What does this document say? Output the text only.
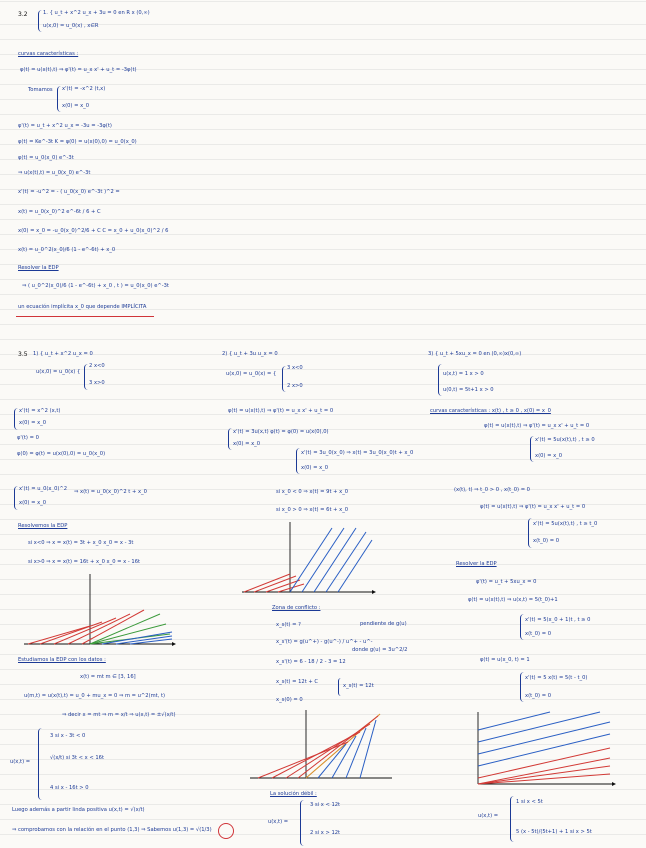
3.2	1. { u_t + x^2 u_x + 3u = 0 en R x (0,∞)
u(x,0) = u_0(x) , x∈R
curvas características :
φ(t) = u(x(t),t) ⇒ φ'(t) = u_x x' + u_t = -3φ(t)
Tomamos x'(t) = -x^2 (t,x)
x(0) = x_0
φ'(t) = u_t + x^2 u_x = -3u = -3φ(t)
φ(t) = Ke^-3t K = φ(0) = u(x(0),0) = u_0(x_0)
φ(t) = u_0(x_0) e^-3t
⇒ u(x(t),t) = u_0(x_0) e^-3t
x'(t) = -u^2 = - ( u_0(x_0) e^-3t )^2 =
x(t) = u_0(x_0)^2 e^-6t / 6 + C
x(0) = x_0 = -u_0(x_0)^2/6 + C C = x_0 + u_0(x_0)^2 / 6
x(t) = u_0^2(x_0)/6 (1 - e^-6t) + x_0
Resolver la EDP
⇒ ( u_0^2(x_0)/6 (1 - e^-6t) + x_0 , t ) = u_0(x_0) e^-3t
un ecuación implícita x_0 que depende IMPLÍCITA
3.5 1) { u_t + x^2 u_x = 0
u(x,0) = u_0(x) {
2 x<0
3 x>0
x'(t) = x^2 (x,t)
x(0) = x_0
φ'(t) = 0
φ(0) = φ(t) = u(x(0),0) = u_0(x_0)
x'(t) = u_0(x_0)^2
x(0) = x_0
⇒ x(t) = u_0(x_0)^2 t + x_0
Resolvemos la EDP
si x<0 ⇒ x = x(t) = 3t + x_0 x_0 = x - 3t
si x>0 ⇒ x = x(t) = 16t + x_0 x_0 = x - 16t
Estudiamos la EDP con los datos :
x(t) = mt m ∈ [3, 16]
u(m,t) = u(x(t),t) = u_0 + mu_x = 0 ⇒ m = u^2(mt, t)
⇒ decir x = mt ⇒ m = x/t ⇒ u(x,t) = ±√(x/t)
u(x,t) =
3 si x - 3t < 0
√(x/t) si 3t < x < 16t
4 si x - 16t > 0
Luego además a partir linda positiva u(x,t) = √(x/t)
⇒ comprobamos con la relación en el punto (1,3) ⇒ Sabemos u(1,3) = √(1/3)
2) { u_t + 3u u_x = 0
u(x,0) = u_0(x) = {
3 x<0
2 x>0
φ(t) = u(x(t),t) ⇒ φ'(t) = u_x x' + u_t = 0
x'(t) = 3u(x,t) φ(t) = φ(0) = u(x(0),0)
x(0) = x_0
x'(t) = 3u_0(x_0) ⇒ x(t) = 3u_0(x_0)t + x_0
x(0) = x_0
si x_0 < 0 ⇒ x(t) = 9t + x_0
si x_0 > 0 ⇒ x(t) = 6t + x_0
Zona de conflicto :
x_s(t) = ?	pendiente de g(u)
x_s'(t) = g(u^+) - g(u^-) / u^+ - u^-
donde g(u) = 3u^2/2
x_s'(t) = 6 - 18 / 2 - 3 = 12
x_s(t) = 12t + C
x_s(t) = 12t
x_s(0) = 0
La solución débil :
u(x,t) =
3 si x < 12t
2 si x > 12t
3) { u_t + 5xu_x = 0 en (0,∞)x(0,∞)
u(x,t) = 1 x > 0
u(0,t) = 5t+1 x > 0
curvas características : x(t) , t ≥ 0 , x(0) = x_0
φ(t) = u(x(t),t) ⇒ φ'(t) = u_x x' + u_t = 0
x'(t) = 5u(x(t),t) , t ≥ 0
x(0) = x_0
(x(t), t) ⇒ t_0 > 0 , x(t_0) = 0
φ(t) = u(x(t),t) ⇒ φ'(t) = u_x x' + u_t = 0
x'(t) = 5u(x(t),t) , t ≥ t_0
x(t_0) = 0
Resolver la EDP
φ'(t) = u_t + 5xu_x = 0
φ(t) = u(x(t),t) ⇒ u(x,t) = 5(t_0)+1
x'(t) = 5(x_0 + 1)t , t ≥ 0
x(t_0) = 0
φ(t) = u(x_0, t) = 1
x'(t) = 5 x(t) = 5(t - t_0)
x(t_0) = 0
u(x,t) =
1 si x < 5t
5 (x - 5t)/(5t+1) + 1 si x > 5t
